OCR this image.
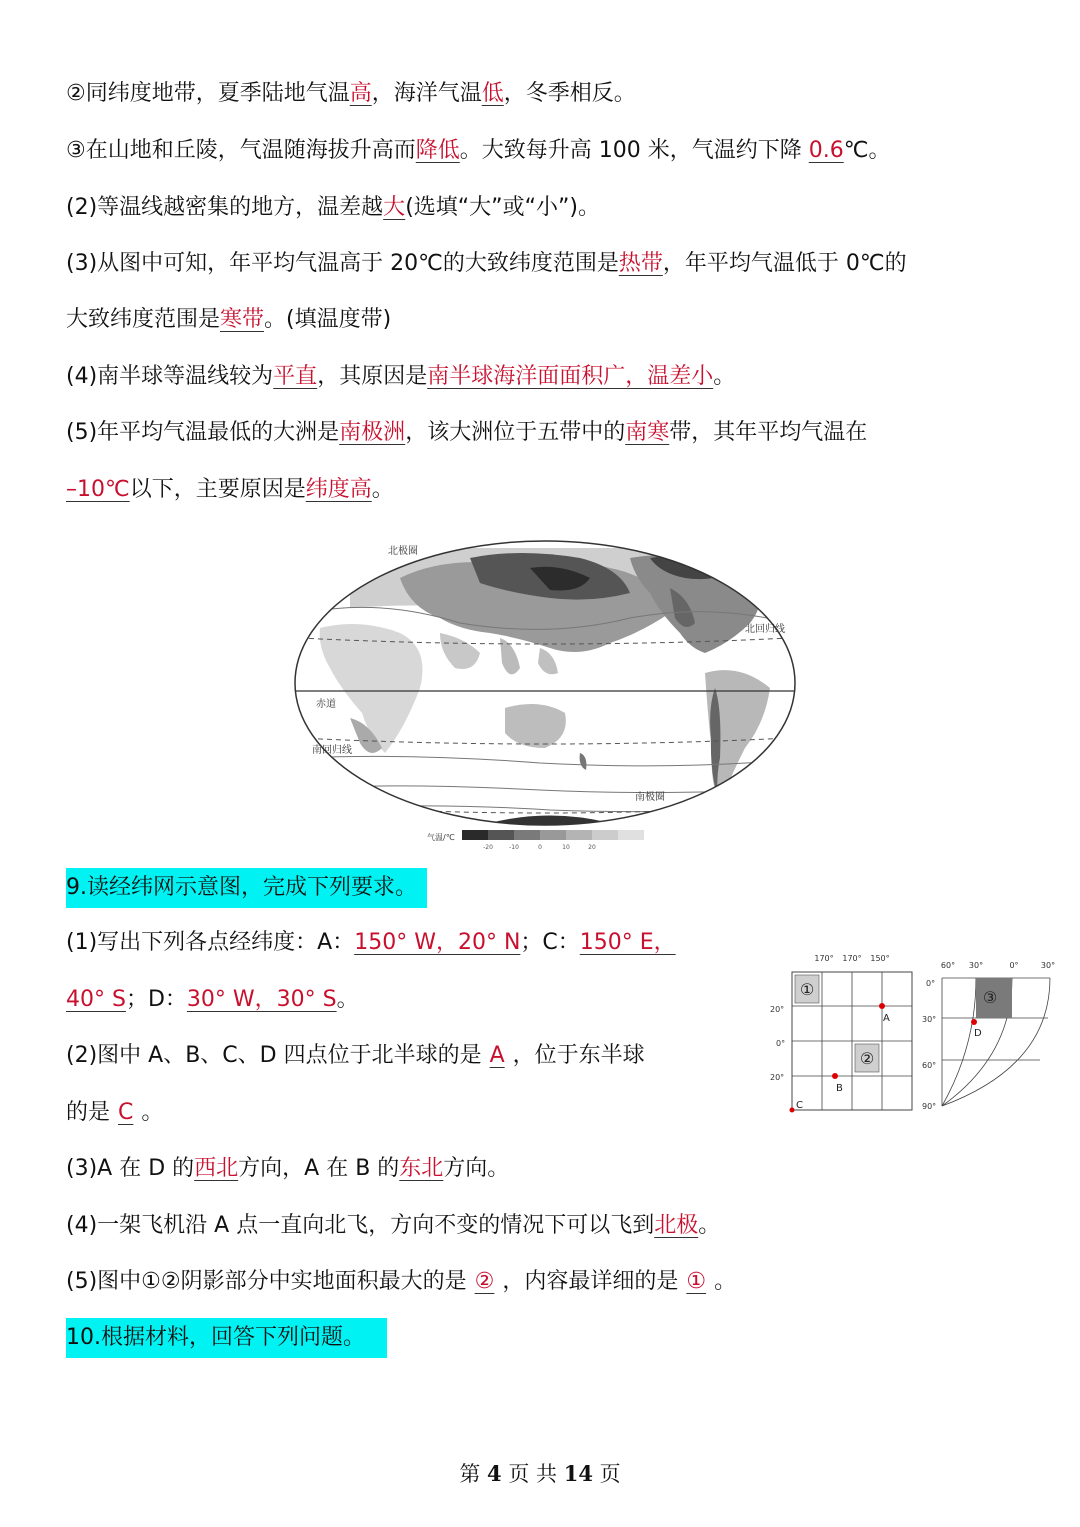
②同纬度地带，夏季陆地气温高，海洋气温低，冬季相反。
③在山地和丘陵，气温随海拔升高而降低。大致每升高 100 米，气温约下降 0.6℃。
(2)等温线越密集的地方，温差越大(选填“大”或“小”)。
(3)从图中可知，年平均气温高于 20℃的大致纬度范围是热带，年平均气温低于 0℃的
大致纬度范围是寒带。(填温度带)
(4)南半球等温线较为平直，其原因是南半球海洋面面积广，温差小。
(5)年平均气温最低的大洲是南极洲，该大洲位于五带中的南寒带，其年平均气温在
–10℃以下，主要原因是纬度高。
北极圈
北回归线
赤道
南回归线
南极圈
气温/℃
-20	-10	0	10	20
9.读经纬网示意图，完成下列要求。
(1)写出下列各点经纬度：A：150° W，20° N；C：150° E，
40° S；D：30° W，30° S。
(2)图中 A、B、C、D 四点位于北半球的是 A ，位于东半球
的是 C 。
(3)A 在 D 的西北方向，A 在 B 的东北方向。
(4)一架飞机沿 A 点一直向北飞，方向不变的情况下可以飞到北极。
(5)图中①②阴影部分中实地面积最大的是 ② ，内容最详细的是 ① 。
170° 170° 150°
20°
0°
20°
①
②
A
B
C
60° 30°	0°	30°
0°
30°
60°
90°
③
D
10.根据材料，回答下列问题。
第 4 页 共 14 页
